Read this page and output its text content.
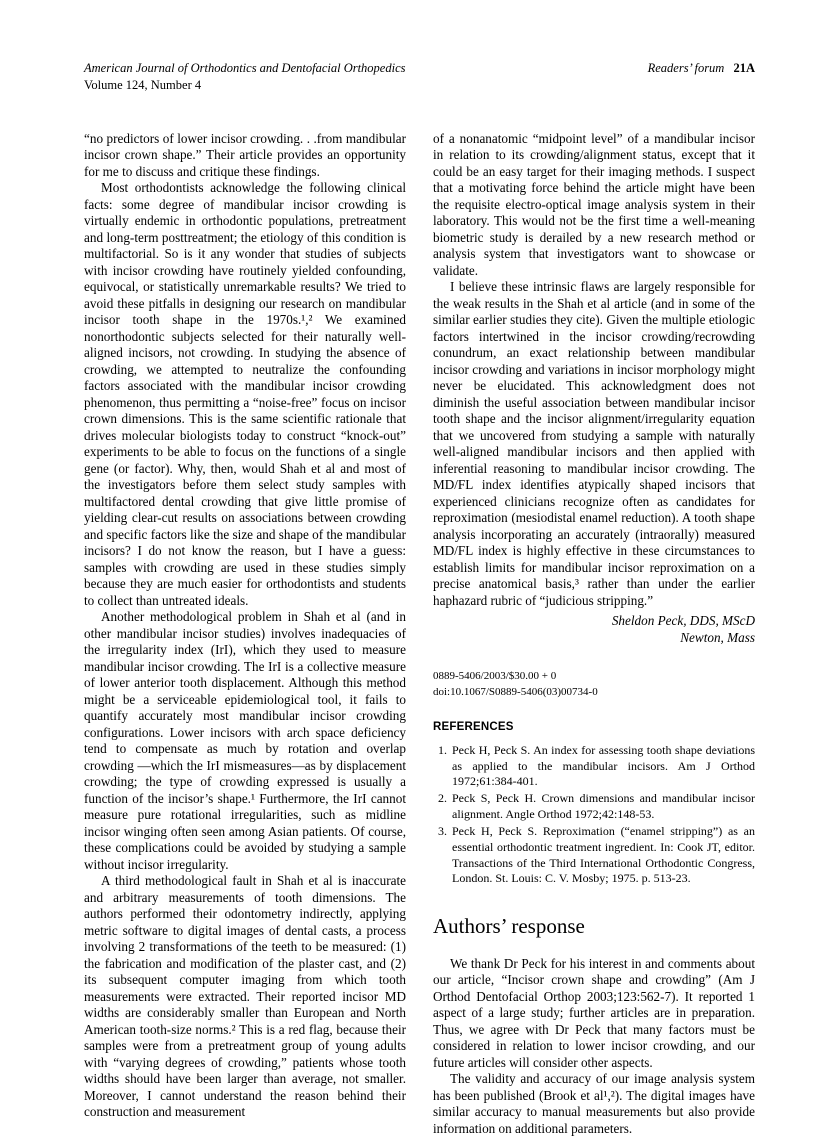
American Journal of Orthodontics and Dentofacial Orthopedics
Volume 124, Number 4
Readers’ forum 21A

“no predictors of lower incisor crowding. . .from mandibular incisor crown shape.” Their article provides an opportunity for me to discuss and critique these findings.

Most orthodontists acknowledge the following clinical facts: some degree of mandibular incisor crowding is virtually endemic in orthodontic populations, pretreatment and long-term posttreatment; the etiology of this condition is multifactorial. So is it any wonder that studies of subjects with incisor crowding have routinely yielded confounding, equivocal, or statistically unremarkable results? We tried to avoid these pitfalls in designing our research on mandibular incisor tooth shape in the 1970s.¹,² We examined nonorthodontic subjects selected for their naturally well-aligned incisors, not crowding. In studying the absence of crowding, we attempted to neutralize the confounding factors associated with the mandibular incisor crowding phenomenon, thus permitting a “noise-free” focus on incisor crown dimensions. This is the same scientific rationale that drives molecular biologists today to construct “knock-out” experiments to be able to focus on the functions of a single gene (or factor). Why, then, would Shah et al and most of the investigators before them select study samples with multifactored dental crowding that give little promise of yielding clear-cut results on associations between crowding and specific factors like the size and shape of the mandibular incisors? I do not know the reason, but I have a guess: samples with crowding are used in these studies simply because they are much easier for orthodontists and students to collect than untreated ideals.

Another methodological problem in Shah et al (and in other mandibular incisor studies) involves inadequacies of the irregularity index (IrI), which they used to measure mandibular incisor crowding. The IrI is a collective measure of lower anterior tooth displacement. Although this method might be a serviceable epidemiological tool, it fails to quantify accurately most mandibular incisor crowding configurations. Lower incisors with arch space deficiency tend to compensate as much by rotation and overlap crowding —which the IrI mismeasures—as by displacement crowding; the type of crowding expressed is usually a function of the incisor’s shape.¹ Furthermore, the IrI cannot measure pure rotational irregularities, such as midline incisor winging often seen among Asian patients. Of course, these complications could be avoided by studying a sample without incisor irregularity.

A third methodological fault in Shah et al is inaccurate and arbitrary measurements of tooth dimensions. The authors performed their odontometry indirectly, applying metric software to digital images of dental casts, a process involving 2 transformations of the teeth to be measured: (1) the fabrication and modification of the plaster cast, and (2) its subsequent computer imaging from which tooth measurements were extracted. Their reported incisor MD widths are considerably smaller than European and North American tooth-size norms.² This is a red flag, because their samples were from a pretreatment group of young adults with “varying degrees of crowding,” patients whose tooth widths should have been larger than average, not smaller. Moreover, I cannot understand the reason behind their construction and measurement

of a nonanatomic “midpoint level” of a mandibular incisor in relation to its crowding/alignment status, except that it could be an easy target for their imaging methods. I suspect that a motivating force behind the article might have been the requisite electro-optical image analysis system in their laboratory. This would not be the first time a well-meaning biometric study is derailed by a new research method or analysis system that investigators want to showcase or validate.

I believe these intrinsic flaws are largely responsible for the weak results in the Shah et al article (and in some of the similar earlier studies they cite). Given the multiple etiologic factors intertwined in the incisor crowding/recrowding conundrum, an exact relationship between mandibular incisor crowding and variations in incisor morphology might never be elucidated. This acknowledgment does not diminish the useful association between mandibular incisor tooth shape and the incisor alignment/irregularity equation that we uncovered from studying a sample with naturally well-aligned mandibular incisors and then applied with inferential reasoning to mandibular incisor crowding. The MD/FL index identifies atypically shaped incisors that experienced clinicians recognize often as candidates for reproximation (mesiodistal enamel reduction). A tooth shape analysis incorporating an accurately (intraorally) measured MD/FL index is highly effective in these circumstances to establish limits for mandibular incisor reproximation on a precise anatomical basis,³ rather than under the earlier haphazard rubric of “judicious stripping.”

Sheldon Peck, DDS, MScD
Newton, Mass
0889-5406/2003/$30.00 + 0
doi:10.1067/S0889-5406(03)00734-0
REFERENCES
1. Peck H, Peck S. An index for assessing tooth shape deviations as applied to the mandibular incisors. Am J Orthod 1972;61:384-401.
2. Peck S, Peck H. Crown dimensions and mandibular incisor alignment. Angle Orthod 1972;42:148-53.
3. Peck H, Peck S. Reproximation (“enamel stripping”) as an essential orthodontic treatment ingredient. In: Cook JT, editor. Transactions of the Third International Orthodontic Congress, London. St. Louis: C. V. Mosby; 1975. p. 513-23.
Authors’ response

We thank Dr Peck for his interest in and comments about our article, “Incisor crown shape and crowding” (Am J Orthod Dentofacial Orthop 2003;123:562-7). It reported 1 aspect of a large study; further articles are in preparation. Thus, we agree with Dr Peck that many factors must be considered in relation to lower incisor crowding, and our future articles will consider other aspects.

The validity and accuracy of our image analysis system has been published (Brook et al¹,²). The digital images have similar accuracy to manual measurements but also provide information on additional parameters.
